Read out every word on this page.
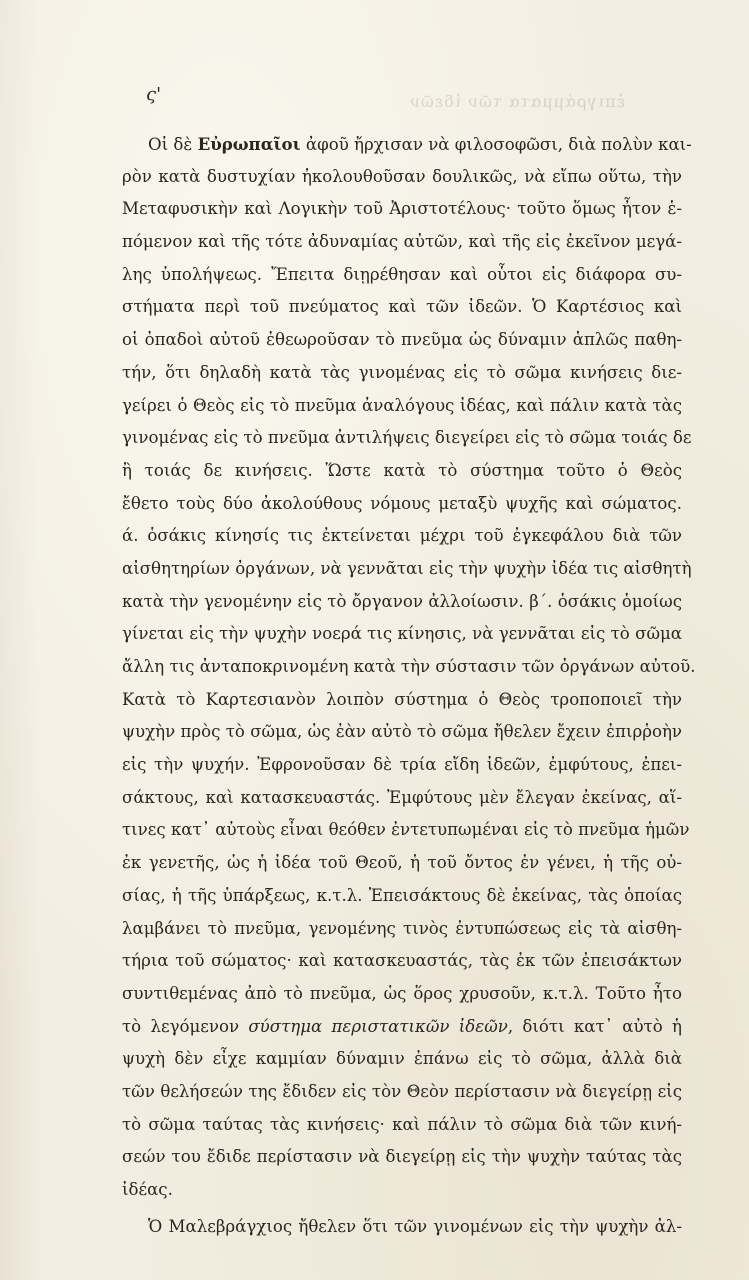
ἐπιγράμματα τῶν ἰδεῶν
ς'
Οἱ δὲ Εὐρωπαῖοι ἀφοῦ ἤρχισαν νὰ φιλοσοφῶσι, διὰ πολὺν και-
ρὸν κατὰ δυστυχίαν ἠκολουθοῦσαν δουλικῶς, νὰ εἴπω οὕτω, τὴν
Μεταφυσικὴν καὶ Λογικὴν τοῦ Ἀριστοτέλους· τοῦτο ὅμως ἦτον ἑ-
πόμενον καὶ τῆς τότε ἀδυναμίας αὐτῶν, καὶ τῆς εἰς ἐκεῖνον μεγά-
λης ὑπολήψεως. Ἔπειτα διῃρέθησαν καὶ οὗτοι εἰς διάφορα συ-
στήματα περὶ τοῦ πνεύματος καὶ τῶν ἰδεῶν. Ὁ Καρτέσιος καὶ
οἱ ὀπαδοὶ αὐτοῦ ἐθεωροῦσαν τὸ πνεῦμα ὡς δύναμιν ἁπλῶς παθη-
τήν, ὅτι δηλαδὴ κατὰ τὰς γινομένας εἰς τὸ σῶμα κινήσεις διε-
γείρει ὁ Θεὸς εἰς τὸ πνεῦμα ἀναλόγους ἰδέας, καὶ πάλιν κατὰ τὰς
γινομένας εἰς τὸ πνεῦμα ἀντιλήψεις διεγείρει εἰς τὸ σῶμα τοιάς δε
ἢ τοιάς δε κινήσεις. Ὥστε κατὰ τὸ σύστημα τοῦτο ὁ Θεὸς
ἔθετο τοὺς δύο ἀκολούθους νόμους μεταξὺ ψυχῆς καὶ σώματος.
ά. ὁσάκις κίνησίς τις ἐκτείνεται μέχρι τοῦ ἐγκεφάλου διὰ τῶν
αἰσθητηρίων ὀργάνων, νὰ γεννᾶται εἰς τὴν ψυχὴν ἰδέα τις αἰσθητὴ
κατὰ τὴν γενομένην εἰς τὸ ὄργανον ἀλλοίωσιν. β΄. ὁσάκις ὁμοίως
γίνεται εἰς τὴν ψυχὴν νοερά τις κίνησις, νὰ γεννᾶται εἰς τὸ σῶμα
ἄλλη τις ἀνταποκρινομένη κατὰ τὴν σύστασιν τῶν ὀργάνων αὐτοῦ.
Κατὰ τὸ Καρτεσιανὸν λοιπὸν σύστημα ὁ Θεὸς τροποποιεῖ τὴν
ψυχὴν πρὸς τὸ σῶμα, ὡς ἐὰν αὐτὸ τὸ σῶμα ἤθελεν ἔχειν ἐπιρῥοὴν
εἰς τὴν ψυχήν. Ἐφρονοῦσαν δὲ τρία εἴδη ἰδεῶν, ἐμφύτους, ἐπει-
σάκτους, καὶ κατασκευαστάς. Ἐμφύτους μὲν ἔλεγαν ἐκείνας, αἵ-
τινες κατ᾽ αὐτοὺς εἶναι θεόθεν ἐντετυπωμέναι εἰς τὸ πνεῦμα ἡμῶν
ἐκ γενετῆς, ὡς ἡ ἰδέα τοῦ Θεοῦ, ἡ τοῦ ὄντος ἐν γένει, ἡ τῆς οὐ-
σίας, ἡ τῆς ὑπάρξεως, κ.τ.λ. Ἐπεισάκτους δὲ ἐκείνας, τὰς ὁποίας
λαμβάνει τὸ πνεῦμα, γενομένης τινὸς ἐντυπώσεως εἰς τὰ αἰσθη-
τήρια τοῦ σώματος· καὶ κατασκευαστάς, τὰς ἐκ τῶν ἐπεισάκτων
συντιθεμένας ἀπὸ τὸ πνεῦμα, ὡς ὅρος χρυσοῦν, κ.τ.λ. Τοῦτο ἦτο
τὸ λεγόμενον σύστημα περιστατικῶν ἰδεῶν, διότι κατ᾽ αὐτὸ ἡ
ψυχὴ δὲν εἶχε καμμίαν δύναμιν ἐπάνω εἰς τὸ σῶμα, ἀλλὰ διὰ
τῶν θελήσεών της ἔδιδεν εἰς τὸν Θεὸν περίστασιν νὰ διεγείρῃ εἰς
τὸ σῶμα ταύτας τὰς κινήσεις· καὶ πάλιν τὸ σῶμα διὰ τῶν κινή-
σεών του ἔδιδε περίστασιν νὰ διεγείρῃ εἰς τὴν ψυχὴν ταύτας τὰς
ἰδέας.
Ὁ Μαλεβράγχιος ἤθελεν ὅτι τῶν γινομένων εἰς τὴν ψυχὴν ἀλ-
